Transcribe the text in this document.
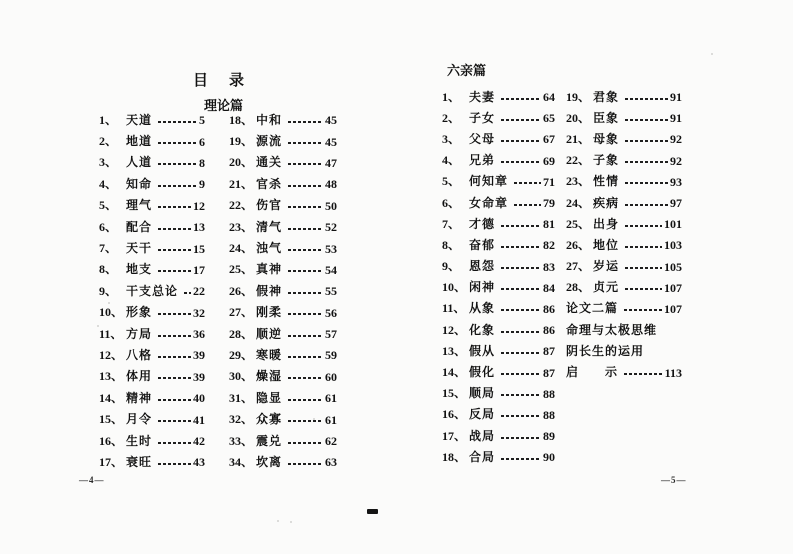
目　录
理论篇
1、 天道	5
2、 地道	6
3、 人道	8
4、 知命	9
5、 理气	12
6、 配合	13
7、 天干	15
8、 地支	17
9、 干支总论 22
10、 形象	32
11、 方局	36
12、 八格	39
13、 体用	39
14、 精神	40
15、 月令	41
16、 生时	42
17、 衰旺	43
18、 中和	45
19、 源流	45
20、 通关	47
21、 官杀	48
22、 伤官	50
23、 清气	52
24、 浊气	53
25、 真神	54
26、 假神	55
27、 刚柔	56
28、 顺逆	57
29、 寒暖	59
30、 燥湿	60
31、 隐显	61
32、 众寡	61
33、 震兑	62
34、 坎离	63
—4—
六亲篇
1、 夫妻	64
2、 子女	65
3、 父母	67
4、 兄弟	69
5、 何知章	71
6、 女命章	79
7、 才德	81
8、 奋郁	82
9、 恩怨	83
10、 闲神	84
11、 从象	86
12、 化象	86
13、 假从	87
14、 假化	87
15、 顺局	88
16、 反局	88
17、 战局	89
18、 合局	90
19、 君象	91
20、 臣象	91
21、 母象	92
22、 子象	92
23、 性情	93
24、 疾病	97
25、 出身	101
26、 地位	103
27、 岁运	105
28、 贞元	107
论文二篇	107
命理与太极思维
阴长生的运用
启　　示	113
—5—
